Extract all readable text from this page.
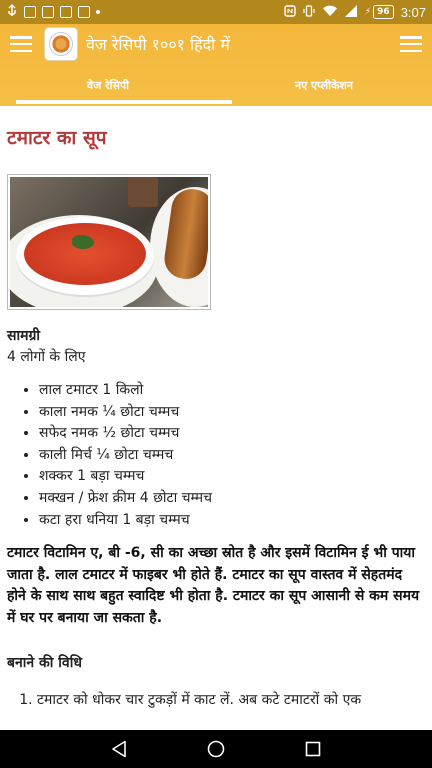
⚡ 96 3:07
वेज रेसिपी १००१ हिंदी में
वेज रेसिपी	नए एप्लीकेशन
टमाटर का सूप
सामग्री
4 लोगों के लिए
• लाल टमाटर 1 किलो
• काला नमक ¼ छोटा चम्मच
• सफेद नमक ½ छोटा चम्मच
• काली मिर्च ¼ छोटा चम्मच
• शक्कर 1 बड़ा चम्मच
• मक्खन / फ्रेश क्रीम 4 छोटा चम्मच
• कटा हरा धनिया 1 बड़ा चम्मच

टमाटर विटामिन ए, बी -6, सी का अच्छा स्रोत है और इसमें विटामिन ई भी पाया जाता है. लाल टमाटर में फाइबर भी होते हैं. टमाटर का सूप वास्तव में सेहतमंद होने के साथ साथ बहुत स्वादिष्ट भी होता है. टमाटर का सूप आसानी से कम समय में घर पर बनाया जा सकता है.

बनाने की विधि
1. टमाटर को धोकर चार टुकड़ों में काट लें. अब कटे टमाटरों को एक
